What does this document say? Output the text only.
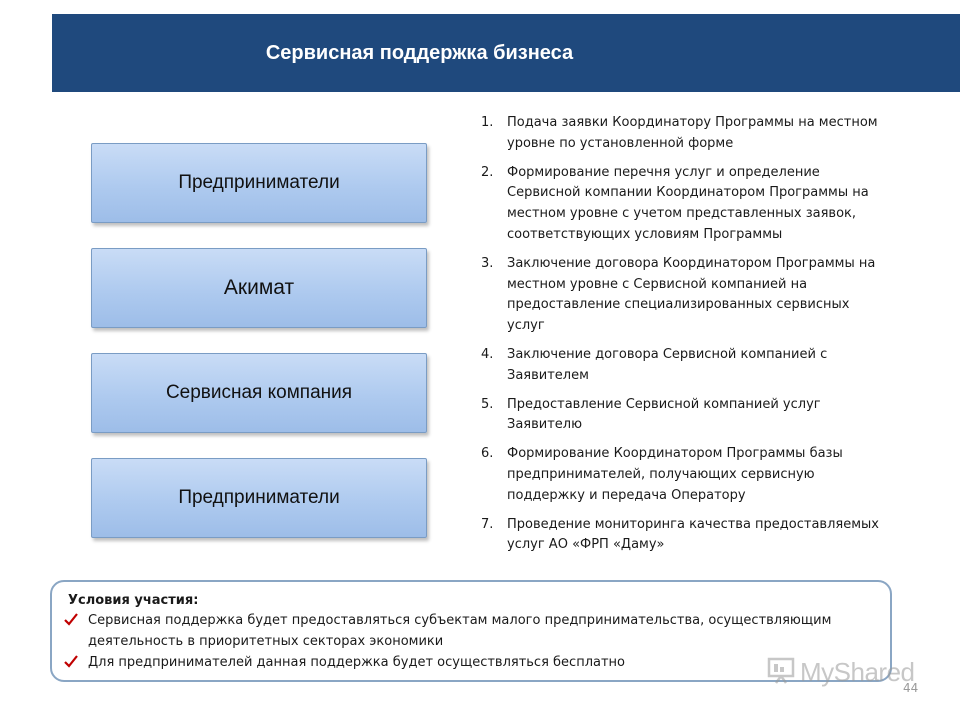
Сервисная поддержка бизнеса
Предприниматели
Акимат
Сервисная компания
Предприниматели
1.	Подача заявки Координатору Программы на местном уровне по установленной форме
2.	Формирование перечня услуг и определение Сервисной компании Координатором Программы на местном уровне с учетом представленных заявок, соответствующих условиям Программы
3.	Заключение договора Координатором Программы на местном уровне с Сервисной компанией на предоставление специализированных сервисных услуг
4.	Заключение договора Сервисной компанией с Заявителем
5.	Предоставление Сервисной компанией услуг Заявителю
6.	Формирование Координатором Программы базы предпринимателей, получающих сервисную поддержку и передача Оператору
7.	Проведение мониторинга качества предоставляемых услуг АО «ФРП «Даму»
Условия участия:
Сервисная поддержка будет предоставляться субъектам малого предпринимательства, осуществляющим деятельность в приоритетных секторах экономики
Для предпринимателей данная поддержка будет осуществляться бесплатно	MyShared
44
